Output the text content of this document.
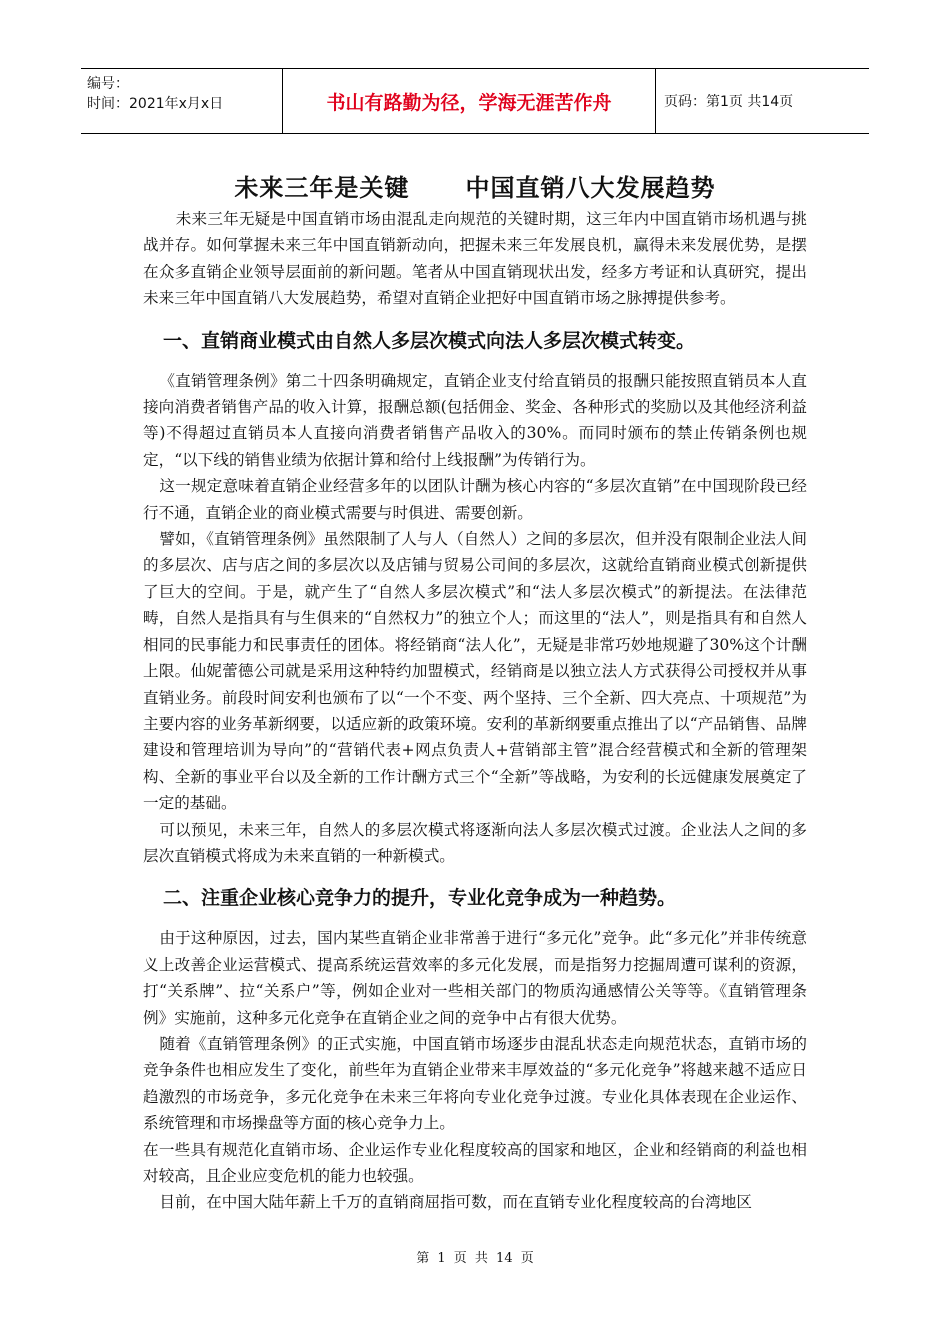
编号：
时间：2021年x月x日	书山有路勤为径，学海无涯苦作舟	页码：第1页 共14页
未来三年是关键      中国直销八大发展趋势

未来三年无疑是中国直销市场由混乱走向规范的关键时期，这三年内中国直销市场机遇与挑战并存。如何掌握未来三年中国直销新动向，把握未来三年发展良机，赢得未来发展优势，是摆在众多直销企业领导层面前的新问题。笔者从中国直销现状出发，经多方考证和认真研究，提出未来三年中国直销八大发展趋势，希望对直销企业把好中国直销市场之脉搏提供参考。

一、直销商业模式由自然人多层次模式向法人多层次模式转变。

《直销管理条例》第二十四条明确规定，直销企业支付给直销员的报酬只能按照直销员本人直接向消费者销售产品的收入计算，报酬总额(包括佣金、奖金、各种形式的奖励以及其他经济利益等)不得超过直销员本人直接向消费者销售产品收入的30%。而同时颁布的禁止传销条例也规定，“以下线的销售业绩为依据计算和给付上线报酬”为传销行为。

这一规定意味着直销企业经营多年的以团队计酬为核心内容的“多层次直销”在中国现阶段已经行不通，直销企业的商业模式需要与时俱进、需要创新。

譬如，《直销管理条例》虽然限制了人与人（自然人）之间的多层次，但并没有限制企业法人间的多层次、店与店之间的多层次以及店铺与贸易公司间的多层次，这就给直销商业模式创新提供了巨大的空间。于是，就产生了“自然人多层次模式”和“法人多层次模式”的新提法。在法律范畴，自然人是指具有与生俱来的“自然权力”的独立个人；而这里的“法人”，则是指具有和自然人相同的民事能力和民事责任的团体。将经销商“法人化”，无疑是非常巧妙地规避了30%这个计酬上限。仙妮蕾德公司就是采用这种特约加盟模式，经销商是以独立法人方式获得公司授权并从事直销业务。前段时间安利也颁布了以“一个不变、两个坚持、三个全新、四大亮点、十项规范”为主要内容的业务革新纲要，以适应新的政策环境。安利的革新纲要重点推出了以“产品销售、品牌建设和管理培训为导向”的“营销代表+网点负责人+营销部主管”混合经营模式和全新的管理架构、全新的事业平台以及全新的工作计酬方式三个“全新”等战略，为安利的长远健康发展奠定了一定的基础。

可以预见，未来三年，自然人的多层次模式将逐渐向法人多层次模式过渡。企业法人之间的多层次直销模式将成为未来直销的一种新模式。

二、注重企业核心竞争力的提升，专业化竞争成为一种趋势。

由于这种原因，过去，国内某些直销企业非常善于进行“多元化”竞争。此“多元化”并非传统意义上改善企业运营模式、提高系统运营效率的多元化发展，而是指努力挖掘周遭可谋利的资源，打“关系牌”、拉“关系户”等，例如企业对一些相关部门的物质沟通感情公关等等。《直销管理条例》实施前，这种多元化竞争在直销企业之间的竞争中占有很大优势。

随着《直销管理条例》的正式实施，中国直销市场逐步由混乱状态走向规范状态，直销市场的竞争条件也相应发生了变化，前些年为直销企业带来丰厚效益的“多元化竞争”将越来越不适应日趋激烈的市场竞争，多元化竞争在未来三年将向专业化竞争过渡。专业化具体表现在企业运作、系统管理和市场操盘等方面的核心竞争力上。

在一些具有规范化直销市场、企业运作专业化程度较高的国家和地区，企业和经销商的利益也相对较高，且企业应变危机的能力也较强。

目前，在中国大陆年薪上千万的直销商屈指可数，而在直销专业化程度较高的台湾地区

第 1 页 共 14 页
